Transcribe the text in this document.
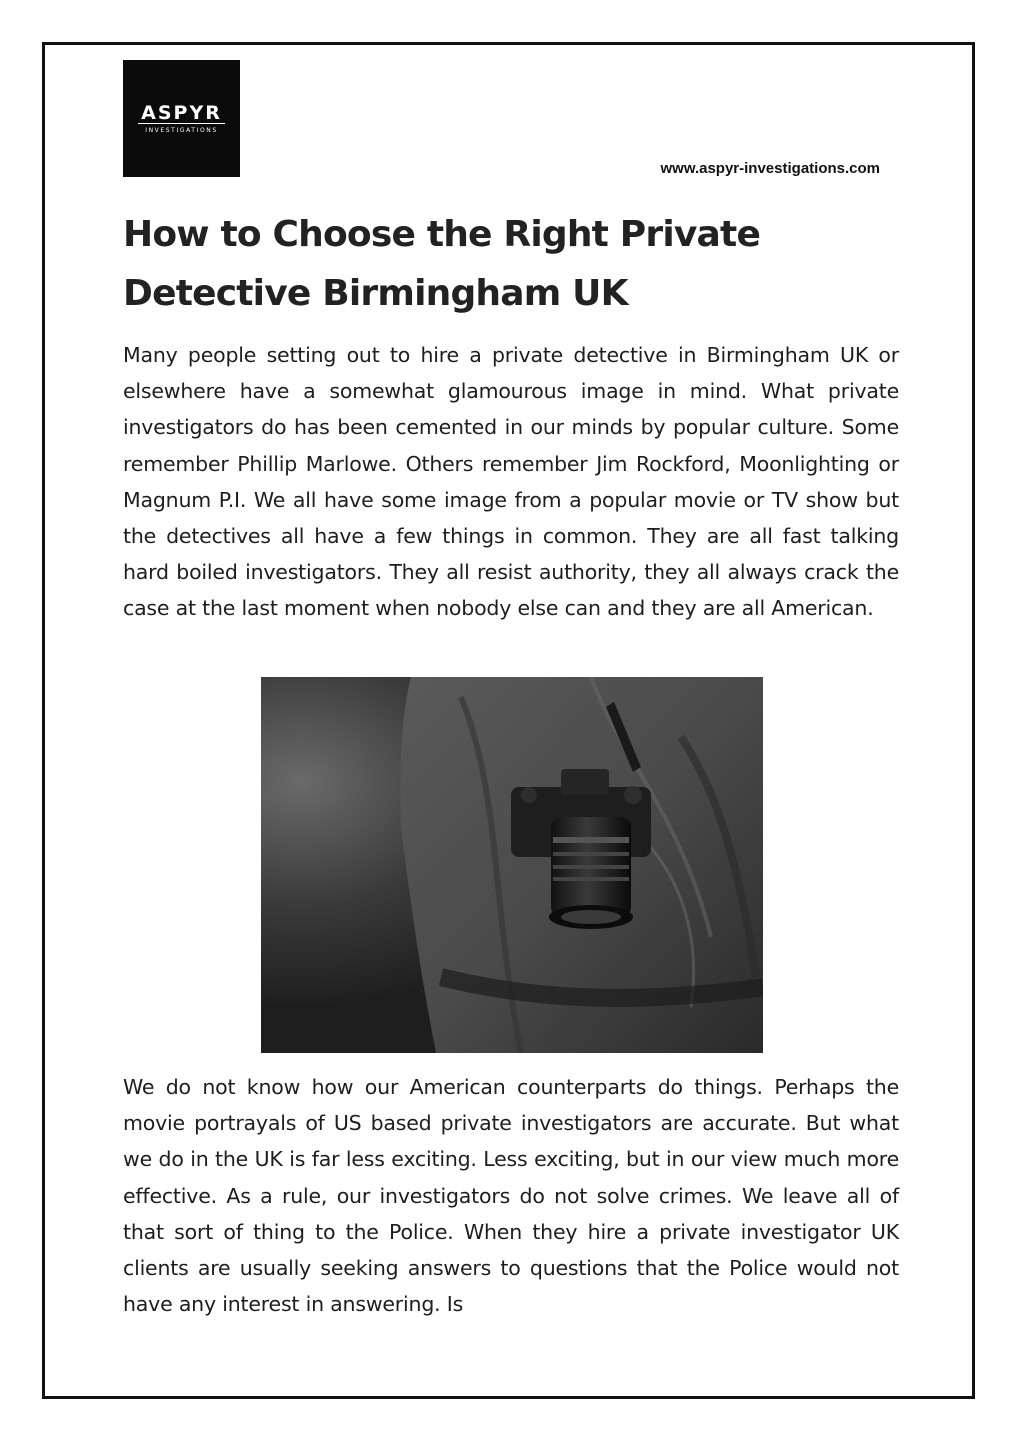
ASPYR
INVESTIGATIONS
www.aspyr-investigations.com
How to Choose the Right Private Detective Birmingham UK

Many people setting out to hire a private detective in Birmingham UK or elsewhere have a somewhat glamourous image in mind. What private investigators do has been cemented in our minds by popular culture. Some remember Phillip Marlowe. Others remember Jim Rockford, Moonlighting or Magnum P.I. We all have some image from a popular movie or TV show but the detectives all have a few things in common. They are all fast talking hard boiled investigators. They all resist authority, they all always crack the case at the last moment when nobody else can and they are all American.

We do not know how our American counterparts do things. Perhaps the movie portrayals of US based private investigators are accurate. But what we do in the UK is far less exciting. Less exciting, but in our view much more effective. As a rule, our investigators do not solve crimes. We leave all of that sort of thing to the Police. When they hire a private investigator UK clients are usually seeking answers to questions that the Police would not have any interest in answering. Is
